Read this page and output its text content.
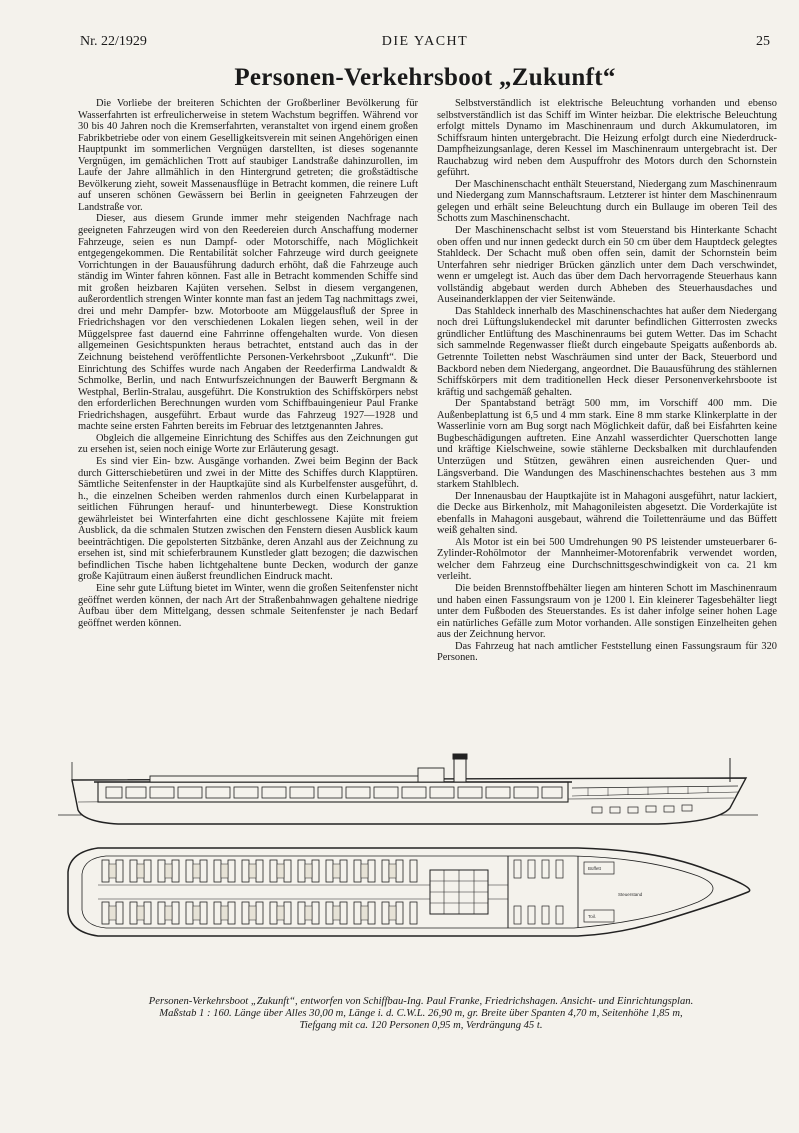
Nr. 22/1929	DIE YACHT	25
Personen-Verkehrsboot „Zukunft“

Die Vorliebe der breiteren Schichten der Großberliner Bevölkerung für Wasserfahrten ist erfreulicherweise in stetem Wachstum begriffen. Während vor 30 bis 40 Jahren noch die Kremserfahrten, veranstaltet von irgend einem großen Fabrikbetriebe oder von einem Geselligkeitsverein mit seinen Angehörigen einen Hauptpunkt im sommerlichen Vergnügen darstellten, ist dieses sogenannte Vergnügen, im gemächlichen Trott auf staubiger Landstraße dahinzurollen, im Laufe der Jahre allmählich in den Hintergrund getreten; die großstädtische Bevölkerung zieht, soweit Massenausflüge in Betracht kommen, die reinere Luft auf unseren schönen Gewässern bei Berlin in geeigneten Fahrzeugen der Landstraße vor.

Dieser, aus diesem Grunde immer mehr steigenden Nachfrage nach geeigneten Fahrzeugen wird von den Reedereien durch Anschaffung moderner Fahrzeuge, seien es nun Dampf- oder Motorschiffe, nach Möglichkeit entgegengekommen. Die Rentabilität solcher Fahrzeuge wird durch geeignete Vorrichtungen in der Bauausführung dadurch erhöht, daß die Fahrzeuge auch ständig im Winter fahren können. Fast alle in Betracht kommenden Schiffe sind mit großen heizbaren Kajüten versehen. Selbst in diesem vergangenen, außerordentlich strengen Winter konnte man fast an jedem Tag nachmittags zwei, drei und mehr Dampfer- bzw. Motorboote am Müggelausfluß der Spree in Friedrichshagen vor den verschiedenen Lokalen liegen sehen, weil in der Müggelspree fast dauernd eine Fahrrinne offengehalten wurde. Von diesen allgemeinen Gesichtspunkten heraus betrachtet, entstand auch das in der Zeichnung beistehend veröffentlichte Personen-Verkehrsboot „Zukunft“. Die Einrichtung des Schiffes wurde nach Angaben der Reederfirma Landwaldt & Schmolke, Berlin, und nach Entwurfszeichnungen der Bauwerft Bergmann & Westphal, Berlin-Stralau, ausgeführt. Die Konstruktion des Schiffskörpers nebst den erforderlichen Berechnungen wurden vom Schiffbauingenieur Paul Franke Friedrichshagen, ausgeführt. Erbaut wurde das Fahrzeug 1927—1928 und machte seine ersten Fahrten bereits im Februar des letztgenannten Jahres.

Obgleich die allgemeine Einrichtung des Schiffes aus den Zeichnungen gut zu ersehen ist, seien noch einige Worte zur Erläuterung gesagt.

Es sind vier Ein- bzw. Ausgänge vorhanden. Zwei beim Beginn der Back durch Gitterschiebetüren und zwei in der Mitte des Schiffes durch Klapptüren. Sämtliche Seitenfenster in der Hauptkajüte sind als Kurbelfenster ausgeführt, d. h., die einzelnen Scheiben werden rahmenlos durch einen Kurbelapparat in seitlichen Führungen herauf- und hinunterbewegt. Diese Konstruktion gewährleistet bei Winterfahrten eine dicht geschlossene Kajüte mit freiem Ausblick, da die schmalen Stutzen zwischen den Fenstern diesen Ausblick kaum beeinträchtigen. Die gepolsterten Sitzbänke, deren Anzahl aus der Zeichnung zu ersehen ist, sind mit schieferbraunem Kunstleder glatt bezogen; die dazwischen befindlichen Tische haben lichtgehaltene bunte Decken, wodurch der ganze große Kajütraum einen äußerst freundlichen Eindruck macht.

Eine sehr gute Lüftung bietet im Winter, wenn die großen Seitenfenster nicht geöffnet werden können, der nach Art der Straßenbahnwagen gehaltene niedrige Aufbau über dem Mittelgang, dessen schmale Seitenfenster je nach Bedarf geöffnet werden können.

Selbstverständlich ist elektrische Beleuchtung vorhanden und ebenso selbstverständlich ist das Schiff im Winter heizbar. Die elektrische Beleuchtung erfolgt mittels Dynamo im Maschinenraum und durch Akkumulatoren, im Schiffsraum hinten untergebracht. Die Heizung erfolgt durch eine Niederdruck-Dampfheizungsanlage, deren Kessel im Maschinenraum untergebracht ist. Der Rauchabzug wird neben dem Auspuffrohr des Motors durch den Schornstein geführt.

Der Maschinenschacht enthält Steuerstand, Niedergang zum Maschinenraum und Niedergang zum Mannschaftsraum. Letzterer ist hinter dem Maschinenraum gelegen und erhält seine Beleuchtung durch ein Bullauge im oberen Teil des Schotts zum Maschinenschacht.

Der Maschinenschacht selbst ist vom Steuerstand bis Hinterkante Schacht oben offen und nur innen gedeckt durch ein 50 cm über dem Hauptdeck gelegtes Stahldeck. Der Schacht muß oben offen sein, damit der Schornstein beim Unterfahren sehr niedriger Brücken gänzlich unter dem Dach verschwindet, wenn er umgelegt ist. Auch das über dem Dach hervorragende Steuerhaus kann vollständig abgebaut werden durch Abheben des Steuerhausdaches und Auseinanderklappen der vier Seitenwände.

Das Stahldeck innerhalb des Maschinenschachtes hat außer dem Niedergang noch drei Lüftungslukendeckel mit darunter befindlichen Gitterrosten zwecks gründlicher Entlüftung des Maschinenraums bei gutem Wetter. Das im Schacht sich sammelnde Regenwasser fließt durch eingebaute Speigatts außenbords ab. Getrennte Toiletten nebst Waschräumen sind unter der Back, Steuerbord und Backbord neben dem Niedergang, angeordnet. Die Bauausführung des stählernen Schiffskörpers mit dem traditionellen Heck dieser Personenverkehrsboote ist kräftig und sachgemäß gehalten.

Der Spantabstand beträgt 500 mm, im Vorschiff 400 mm. Die Außenbeplattung ist 6,5 und 4 mm stark. Eine 8 mm starke Klinkerplatte in der Wasserlinie vorn am Bug sorgt nach Möglichkeit dafür, daß bei Eisfahrten keine Bugbeschädigungen auftreten. Eine Anzahl wasserdichter Querschotten lange und kräftige Kielschweine, sowie stählerne Decksbalken mit durchlaufenden Unterzügen und Stützen, gewähren einen ausreichenden Quer- und Längsverband. Die Wandungen des Maschinenschachtes bestehen aus 3 mm starkem Stahlblech.

Der Innenausbau der Hauptkajüte ist in Mahagoni ausgeführt, natur lackiert, die Decke aus Birkenholz, mit Mahagonileisten abgesetzt. Die Vorderkajüte ist ebenfalls in Mahagoni ausgebaut, während die Toilettenräume und das Büffett weiß gehalten sind.

Als Motor ist ein bei 500 Umdrehungen 90 PS leistender umsteuerbarer 6-Zylinder-Rohölmotor der Mannheimer-Motorenfabrik verwendet worden, welcher dem Fahrzeug eine Durchschnittsgeschwindigkeit von ca. 21 km verleiht.

Die beiden Brennstoffbehälter liegen am hinteren Schott im Maschinenraum und haben einen Fassungsraum von je 1200 l. Ein kleinerer Tagesbehälter liegt unter dem Fußboden des Steuerstandes. Es ist daher infolge seiner hohen Lage ein natürliches Gefälle zum Motor vorhanden. Alle sonstigen Einzelheiten gehen aus der Zeichnung hervor.

Das Fahrzeug hat nach amtlicher Feststellung einen Fassungsraum für 320 Personen.

Steuerstand
Büffett
Toil.
Personen-Verkehrsboot „Zukunft“, entworfen von Schiffbau-Ing. Paul Franke, Friedrichshagen. Ansicht- und Einrichtungsplan.
Maßstab 1 : 160. Länge über Alles 30,00 m, Länge i. d. C.W.L. 26,90 m, gr. Breite über Spanten 4,70 m, Seitenhöhe 1,85 m,
Tiefgang mit ca. 120 Personen 0,95 m, Verdrängung 45 t.
